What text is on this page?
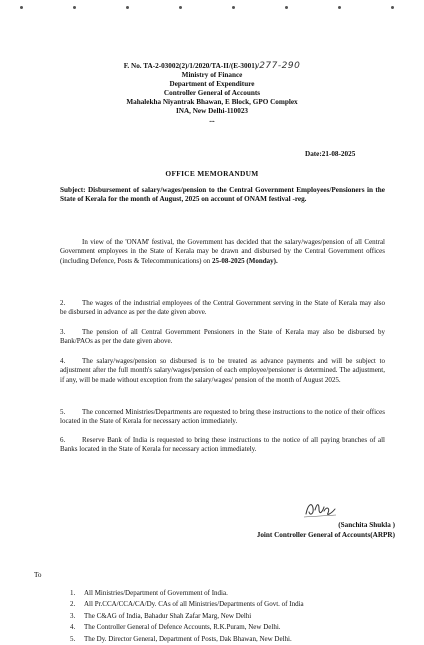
F. No. TA-2-03002(2)/1/2020/TA-II/(E-3001)/277-290
Ministry of Finance
Department of Expenditure
Controller General of Accounts
Mahalekha Niyantrak Bhawan, E Block, GPO Complex
INA, New Delhi-110023
...
Date:21-08-2025
OFFICE MEMORANDUM
Subject: Disbursement of salary/wages/pension to the Central Government Employees/Pensioners in the State of Kerala for the month of August, 2025 on account of ONAM festival -reg.
In view of the 'ONAM' festival, the Government has decided that the salary/wages/pension of all Central Government employees in the State of Kerala may be drawn and disbursed by the Central Government offices (including Defence, Posts & Telecommunications) on 25-08-2025 (Monday).
2. The wages of the industrial employees of the Central Government serving in the State of Kerala may also be disbursed in advance as per the date given above.
3. The pension of all Central Government Pensioners in the State of Kerala may also be disbursed by Bank/PAOs as per the date given above.
4. The salary/wages/pension so disbursed is to be treated as advance payments and will be subject to adjustment after the full month's salary/wages/pension of each employee/pensioner is determined. The adjustment, if any, will be made without exception from the salary/wages/ pension of the month of August 2025.
5. The concerned Ministries/Departments are requested to bring these instructions to the notice of their offices located in the State of Kerala for necessary action immediately.
6. Reserve Bank of India is requested to bring these instructions to the notice of all paying branches of all Banks located in the State of Kerala for necessary action immediately.
(Sanchita Shukla )
Joint Controller General of Accounts(ARPR)
To
1. All Ministries/Department of Government of India.
2. All Pr.CCA/CCA/CA/Dy. CAs of all Ministries/Departments of Govt. of India
3. The C&AG of India, Bahadur Shah Zafar Marg, New Delhi
4. The Controller General of Defence Accounts, R.K.Puram, New Delhi.
5. The Dy. Director General, Department of Posts, Dak Bhawan, New Delhi.
